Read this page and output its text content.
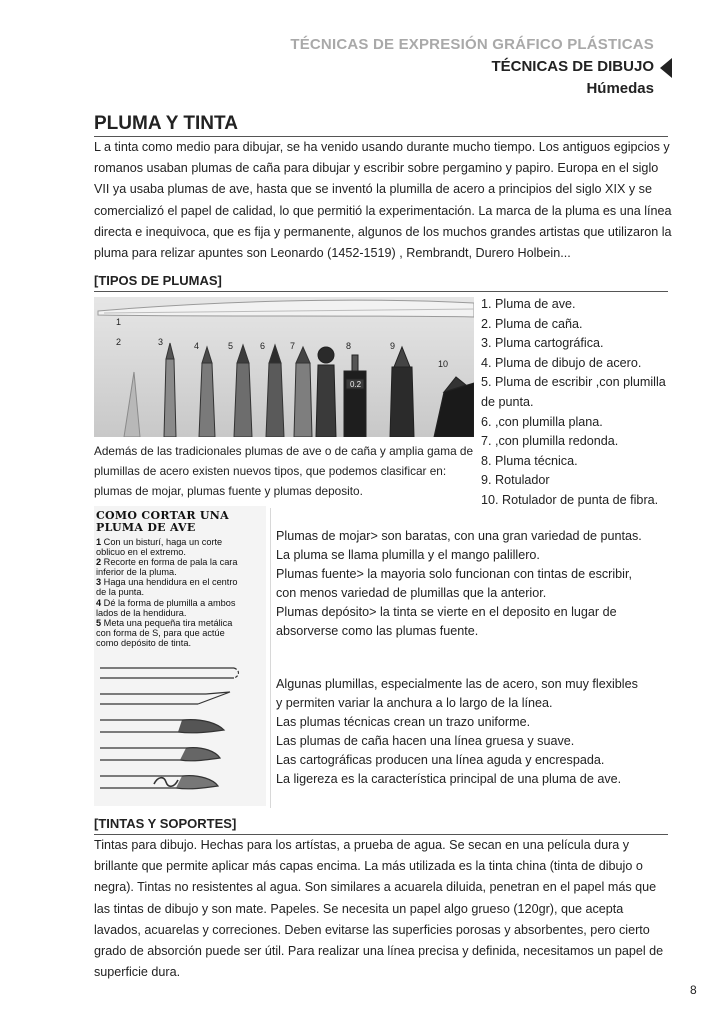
TÉCNICAS DE EXPRESIÓN GRÁFICO PLÁSTICAS
TÉCNICAS DE DIBUJO
Húmedas
PLUMA Y TINTA
L a tinta como medio para dibujar, se ha venido usando durante mucho tiempo. Los antiguos egipcios y romanos usaban plumas de caña para dibujar y escribir sobre pergamino y papiro. Europa en el siglo VII ya usaba plumas de ave, hasta que se inventó la plumilla de acero a principios del siglo XIX y se comercializó el papel de calidad, lo que permitió la experimentación. La marca de la pluma es una línea directa e inequivoca, que es fija y permanente, algunos de los muchos grandes artistas que utilizaron la pluma para relizar apuntes son Leonardo (1452-1519) , Rembrandt, Durero Holbein...
[TIPOS DE PLUMAS]
0.2
1
2	3	4	5	6	7	8	9
10
Además de las tradicionales plumas de ave o de caña y amplia gama de plumillas de acero existen nuevos tipos, que podemos clasificar en: plumas de mojar, plumas fuente y plumas deposito.
1. Pluma de ave.
2. Pluma de caña.
3. Pluma cartográfica.
4. Pluma de dibujo de acero.
5. Pluma de escribir ,con plumilla
de punta.
6. ,con plumilla plana.
7. ,con plumilla redonda.
8. Pluma técnica.
9. Rotulador
10. Rotulador de punta de fibra.
COMO CORTAR UNA
PLUMA DE AVE
1 Con un bisturí, haga un corte oblicuo en el extremo.
2 Recorte en forma de pala la cara inferior de la pluma.
3 Haga una hendidura en el centro de la punta.
4 Dé la forma de plumilla a ambos lados de la hendidura.
5 Meta una pequeña tira metálica con forma de S, para que actúe como depósito de tinta.
Plumas de mojar> son baratas, con una gran variedad de puntas.
La pluma se llama plumilla y el mango palillero.
Plumas fuente> la mayoria solo funcionan con tintas de escribir,
con menos variedad de plumillas que la anterior.
Plumas depósito> la tinta se vierte en el deposito en lugar de
absorverse como las plumas fuente.
Algunas plumillas, especialmente las de acero, son muy flexibles
y permiten variar la anchura a lo largo de la línea.
Las plumas técnicas crean un trazo uniforme.
Las plumas de caña hacen una línea gruesa y suave.
Las cartográficas producen una línea aguda y encrespada.
La ligereza es la característica principal de una pluma de ave.
[TINTAS Y SOPORTES]
Tintas para dibujo. Hechas para los artístas, a prueba de agua. Se secan en una película dura y brillante que permite aplicar más capas encima. La más utilizada es la tinta china (tinta de dibujo o negra). Tintas no resistentes al agua. Son similares a acuarela diluida, penetran en el papel más que las tintas de dibujo y son mate. Papeles. Se necesita un papel algo grueso (120gr), que acepta lavados, acuarelas y correciones. Deben evitarse las superficies porosas y absorbentes, pero cierto grado de absorción puede ser útil. Para realizar una línea precisa y definida, necesitamos un papel de superficie dura.
8
